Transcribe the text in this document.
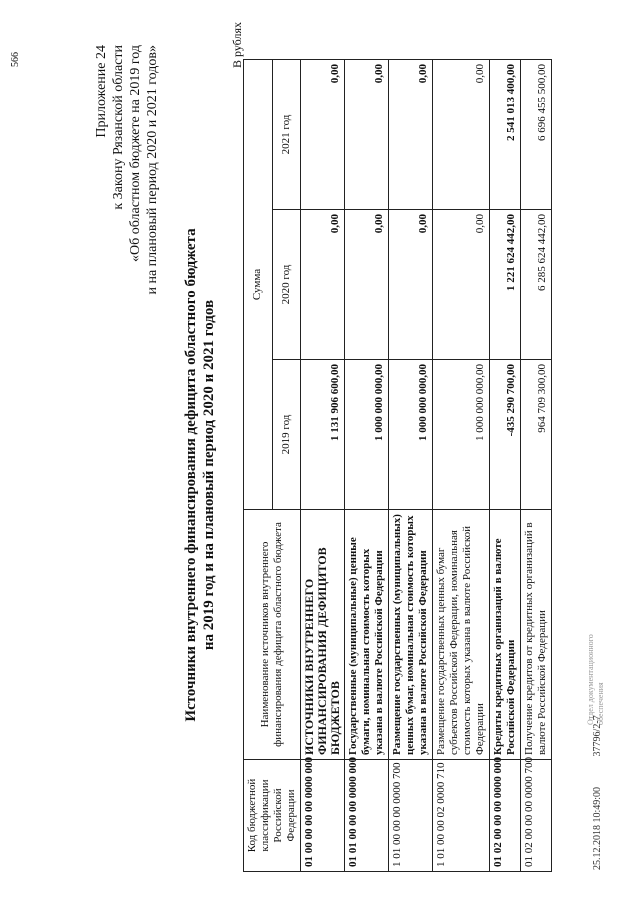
566	Приложение 24 к Закону Рязанской области «Об областном бюджете на 2019 год и на плановый период 2020 и 2021 годов»
Источники внутреннего финансирования дефицита областного бюджета на 2019 год и на плановый период 2020 и 2021 годов
В рублях
Код бюджетной классификации Российской Федерации	Наименование источников внутреннего финансирования дефицита областного бюджета	Сумма		
		2019 год	2020 год	2021 год
01 00 00 00 00 0000 000	ИСТОЧНИКИ ВНУТРЕННЕГО ФИНАНСИРОВАНИЯ ДЕФИЦИТОВ БЮДЖЕТОВ	1 131 906 600,00	0,00	0,00
01 01 00 00 00 0000 000	Государственные (муниципальные) ценные бумаги, номинальная стоимость которых указана в валюте Российской Федерации	1 000 000 000,00	0,00	0,00
1 01 00 00 00 0000 700	Размещение государственных (муниципальных) ценных бумаг, номинальная стоимость которых указана в валюте Российской Федерации	1 000 000 000,00	0,00	0,00
1 01 00 00 02 0000 710	Размещение государственных ценных бумаг субъектов Российской Федерации, номинальная стоимость которых указана в валюте Российской Федерации	1 000 000 000,00	0,00	0,00
01 02 00 00 00 0000 000	Кредиты кредитных организаций в валюте Российской Федерации	-435 290 700,00	1 221 624 442,00	2 541 013 400,00
01 02 00 00 00 0000 700	Получение кредитов от кредитных организаций в валюте Российской Федерации	964 709 300,00	6 285 624 442,00	6 696 455 500,00
25.12.2018 10:49:00 37796/2-7
Отдел документационного обеспечения
